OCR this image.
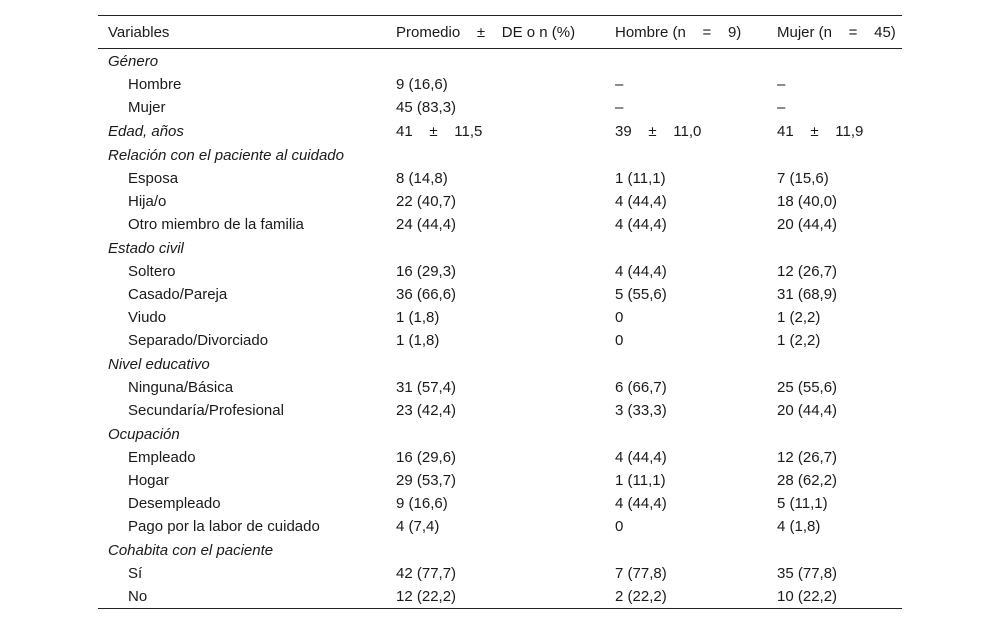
Variables	Promedio    ±    DE o n (%)	Hombre (n    =    9)	Mujer (n    =    45)
Género			
Hombre	9 (16,6)	–	–
Mujer	45 (83,3)	–	–
Edad, años	41    ±    11,5	39    ±    11,0	41    ±    11,9
Relación con el paciente al cuidado			
Esposa	8 (14,8)	1 (11,1)	7 (15,6)
Hija/o	22 (40,7)	4 (44,4)	18 (40,0)
Otro miembro de la familia	24 (44,4)	4 (44,4)	20 (44,4)
Estado civil			
Soltero	16 (29,3)	4 (44,4)	12 (26,7)
Casado/Pareja	36 (66,6)	5 (55,6)	31 (68,9)
Viudo	1 (1,8)	0	1 (2,2)
Separado/Divorciado	1 (1,8)	0	1 (2,2)
Nivel educativo			
Ninguna/Básica	31 (57,4)	6 (66,7)	25 (55,6)
Secundaría/Profesional	23 (42,4)	3 (33,3)	20 (44,4)
Ocupación			
Empleado	16 (29,6)	4 (44,4)	12 (26,7)
Hogar	29 (53,7)	1 (11,1)	28 (62,2)
Desempleado	9 (16,6)	4 (44,4)	5 (11,1)
Pago por la labor de cuidado	4 (7,4)	0	4 (1,8)
Cohabita con el paciente			
Sí	42 (77,7)	7 (77,8)	35 (77,8)
No	12 (22,2)	2 (22,2)	10 (22,2)
